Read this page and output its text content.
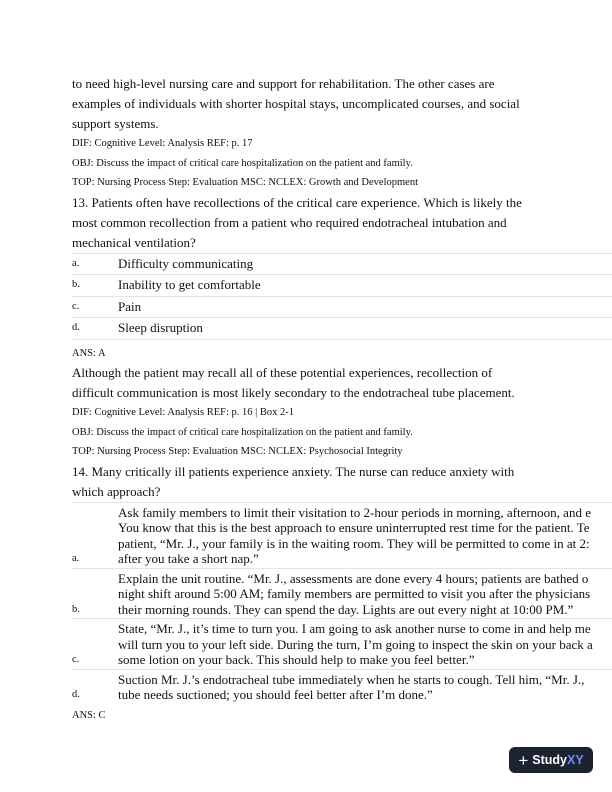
to need high-level nursing care and support for rehabilitation. The other cases are
examples of individuals with shorter hospital stays, uncomplicated courses, and social
support systems.
DIF: Cognitive Level: Analysis REF: p. 17
OBJ: Discuss the impact of critical care hospitalization on the patient and family.
TOP: Nursing Process Step: Evaluation MSC: NCLEX: Growth and Development
13. Patients often have recollections of the critical care experience. Which is likely the
most common recollection from a patient who required endotracheal intubation and
mechanical ventilation?
a.	Difficulty communicating
b.	Inability to get comfortable
c.	Pain
d.	Sleep disruption
ANS: A
Although the patient may recall all of these potential experiences, recollection of
difficult communication is most likely secondary to the endotracheal tube placement.
DIF: Cognitive Level: Analysis REF: p. 16 | Box 2-1
OBJ: Discuss the impact of critical care hospitalization on the patient and family.
TOP: Nursing Process Step: Evaluation MSC: NCLEX: Psychosocial Integrity
14. Many critically ill patients experience anxiety. The nurse can reduce anxiety with
which approach?
a.
Ask family members to limit their visitation to 2-hour periods in morning, afternoon, and e
You know that this is the best approach to ensure uninterrupted rest time for the patient. Te
patient, “Mr. J., your family is in the waiting room. They will be permitted to come in at 2:
after you take a short nap.”
b.
Explain the unit routine. “Mr. J., assessments are done every 4 hours; patients are bathed o
night shift around 5:00 AM; family members are permitted to visit you after the physicians
their morning rounds. They can spend the day. Lights are out every night at 10:00 PM.”
c.
State, “Mr. J., it’s time to turn you. I am going to ask another nurse to come in and help me
will turn you to your left side. During the turn, I’m going to inspect the skin on your back a
some lotion on your back. This should help to make you feel better.”
d.
Suction Mr. J.’s endotracheal tube immediately when he starts to cough. Tell him, “Mr. J.,
tube needs suctioned; you should feel better after I’m done.”
ANS: C
+ StudyXY
